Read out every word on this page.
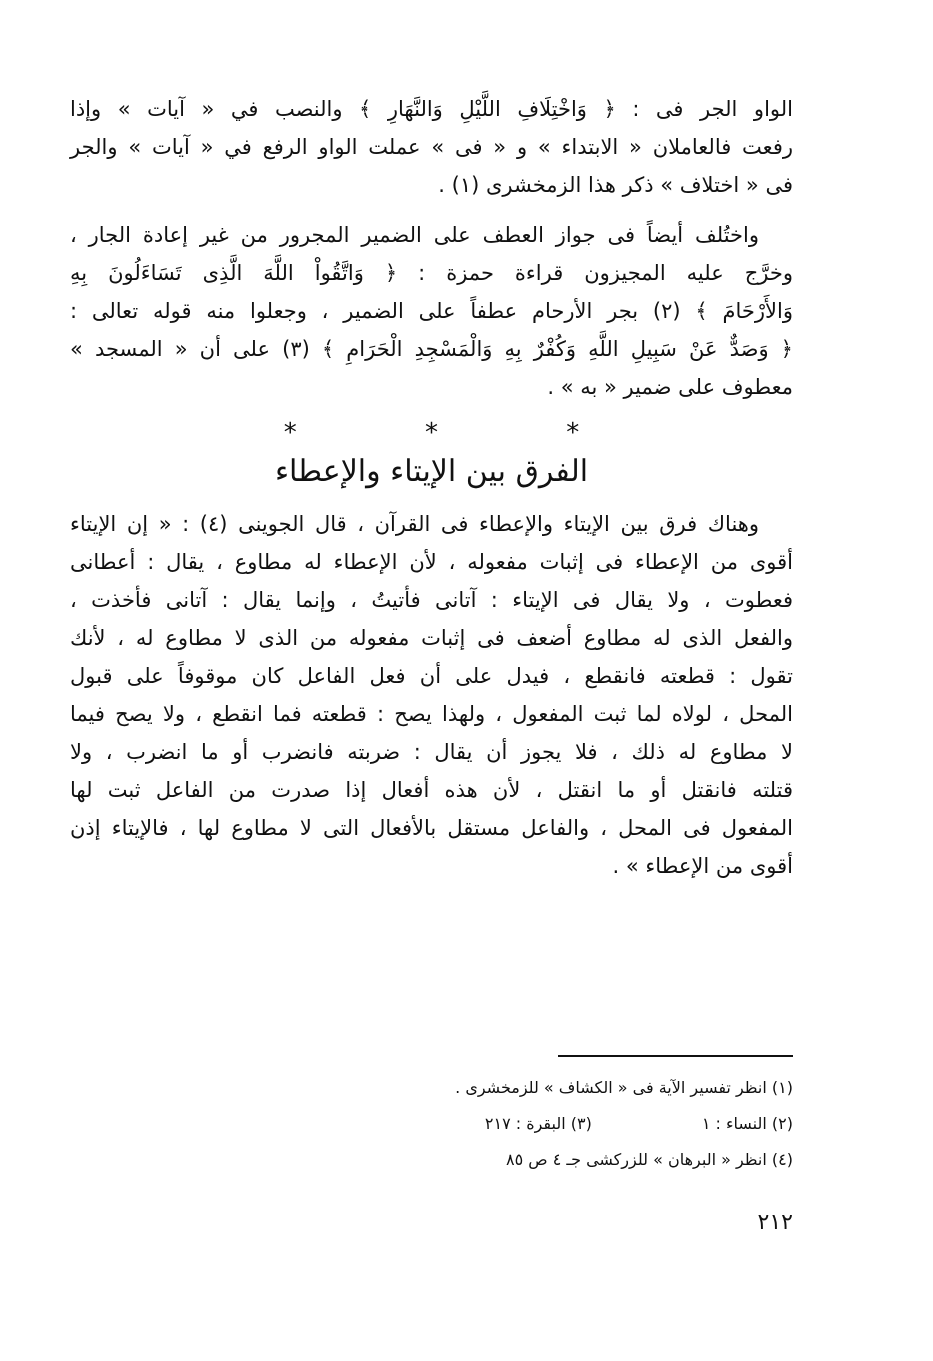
الواو الجر فى : ﴿ وَاخْتِلَافِ اللَّيْلِ وَالنَّهَارِ ﴾ والنصب في « آيات » وإذا
رفعت فالعاملان « الابتداء » و « فى » عملت الواو الرفع في « آيات » والجر
فى « اختلاف » ذكر هذا الزمخشرى (١) .
واختُلف أيضاً فى جواز العطف على الضمير المجرور من غير إعادة الجار ،
وخرَّج عليه المجيزون قراءة حمزة : ﴿ وَاتَّقُواْ اللَّهَ الَّذِى تَسَاءَلُونَ بِهِ
وَالأَرْحَامَ ﴾ (٢) بجر الأرحام عطفاً على الضمير ، وجعلوا منه قوله تعالى :
﴿ وَصَدٌّ عَنْ سَبِيلِ اللَّهِ وَكُفْرٌ بِهِ وَالْمَسْجِدِ الْحَرَامِ ﴾ (٣) على أن « المسجد »
معطوف على ضمير « به » .
* * *
الفرق بين الإيتاء والإعطاء
وهناك فرق بين الإيتاء والإعطاء فى القرآن ، قال الجوينى (٤) : « إن الإيتاء
أقوى من الإعطاء فى إثبات مفعوله ، لأن الإعطاء له مطاوع ، يقال : أعطانى
فعطوت ، ولا يقال فى الإيتاء : آتانى فأتيتُ ، وإنما يقال : آتانى فأخذت ،
والفعل الذى له مطاوع أضعف فى إثبات مفعوله من الذى لا مطاوع له ، لأنك
تقول : قطعته فانقطع ، فيدل على أن فعل الفاعل كان موقوفاً على قبول
المحل ، لولاه لما ثبت المفعول ، ولهذا يصح : قطعته فما انقطع ، ولا يصح فيما
لا مطاوع له ذلك ، فلا يجوز أن يقال : ضربته فانضرب أو ما انضرب ، ولا
قتلته فانقتل أو ما انقتل ، لأن هذه أفعال إذا صدرت من الفاعل ثبت لها
المفعول فى المحل ، والفاعل مستقل بالأفعال التى لا مطاوع لها ، فالإيتاء إذن
أقوى من الإعطاء » .
(١) انظر تفسير الآية فى « الكشاف » للزمخشرى .
(٢) النساء : ١
(٣) البقرة : ٢١٧
(٤) انظر « البرهان » للزركشى جـ ٤ ص ٨٥
٢١٢
